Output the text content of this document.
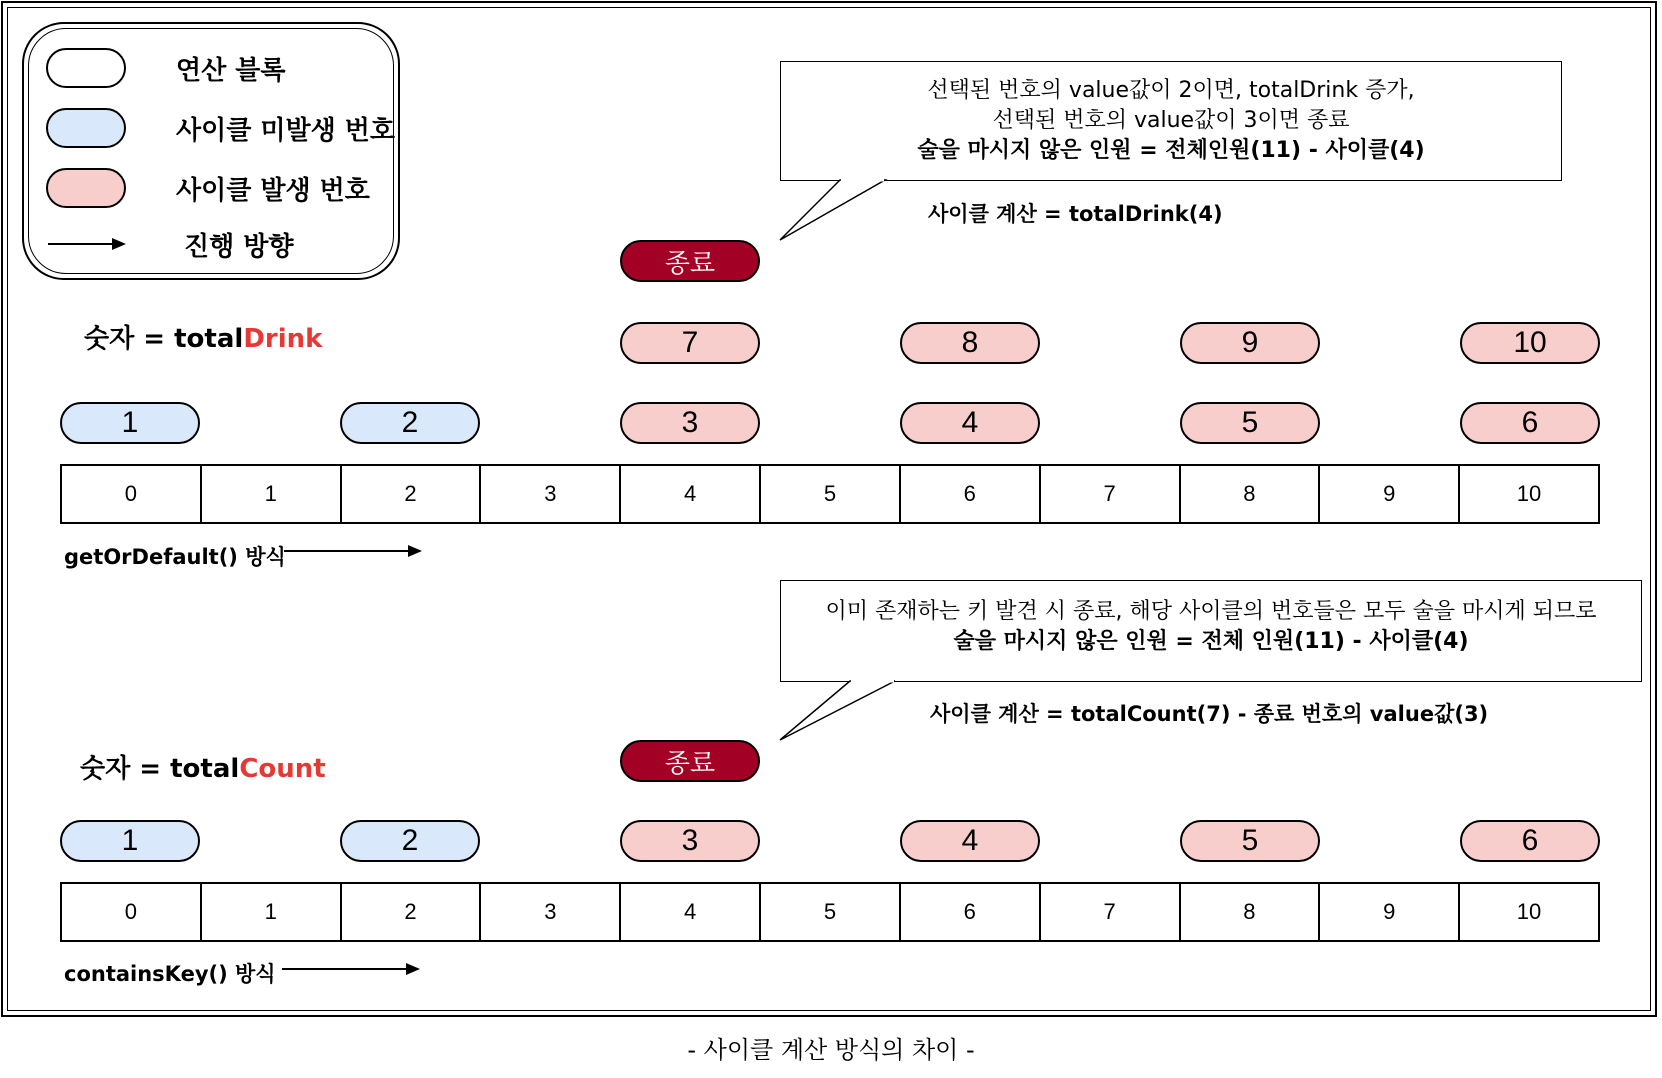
연산 블록
사이클 미발생 번호
사이클 발생 번호
진행 방향
선택된 번호의 value값이 2이면, totalDrink 증가,
선택된 번호의 value값이 3이면 종료
술을 마시지 않은 인원 = 전체인원(11) - 사이클(4)
사이클 계산 = totalDrink(4)
종료
숫자 = totalDrink	7	8	9	10
1	2	3	4	5	6
0	1	2	3	4	5	6	7	8	9	10
getOrDefault() 방식
이미 존재하는 키 발견 시 종료, 해당 사이클의 번호들은 모두 술을 마시게 되므로
술을 마시지 않은 인원 = 전체 인원(11) - 사이클(4)
사이클 계산 = totalCount(7) - 종료 번호의 value값(3)
종료
숫자 = totalCount
1	2	3	4	5	6
0	1	2	3	4	5	6	7	8	9	10
containsKey() 방식
- 사이클 계산 방식의 차이 -
